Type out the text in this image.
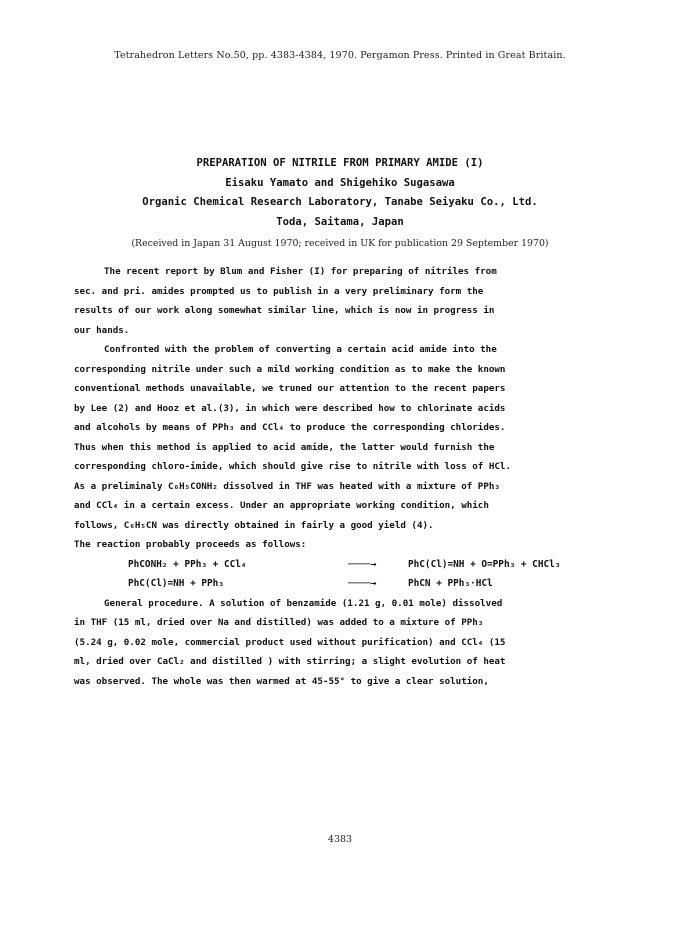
Tetrahedron Letters No.50, pp. 4383-4384, 1970. Pergamon Press. Printed in Great Britain.
PREPARATION OF NITRILE FROM PRIMARY AMIDE (I)
Eisaku Yamato and Shigehiko Sugasawa
Organic Chemical Research Laboratory, Tanabe Seiyaku Co., Ltd.
Toda, Saitama, Japan
(Received in Japan 31 August 1970; received in UK for publication 29 September 1970)
The recent report by Blum and Fisher (I) for preparing of nitriles from
sec. and pri. amides prompted us to publish in a very preliminary form the
results of our work along somewhat similar line, which is now in progress in
our hands.
Confronted with the problem of converting a certain acid amide into the
corresponding nitrile under such a mild working condition as to make the known
conventional methods unavailable, we truned our attention to the recent papers
by Lee (2) and Hooz et al.(3), in which were described how to chlorinate acids
and alcohols by means of PPh₃ and CCl₄ to produce the corresponding chlorides.
Thus when this method is applied to acid amide, the latter would furnish the
corresponding chloro-imide, which should give rise to nitrile with loss of HCl.
As a preliminaly C₆H₅CONH₂ dissolved in THF was heated with a mixture of PPh₃
and CCl₄ in a certain excess. Under an appropriate working condition, which
follows, C₆H₅CN was directly obtained in fairly a good yield (4).
The reaction probably proceeds as follows:
PhCONH₂ + PPh₃ + CCl₄	────→	PhC(Cl)=NH + O=PPh₃ + CHCl₃
PhC(Cl)=NH + PPh₃	────→	PhCN + PPh₃·HCl
General procedure. A solution of benzamide (1.21 g, 0.01 mole) dissolved
in THF (15 ml, dried over Na and distilled) was added to a mixture of PPh₃
(5.24 g, 0.02 mole, commercial product used without purification) and CCl₄ (15
ml, dried over CaCl₂ and distilled ) with stirring; a slight evolution of heat
was observed. The whole was then warmed at 45-55° to give a clear solution,
4383
